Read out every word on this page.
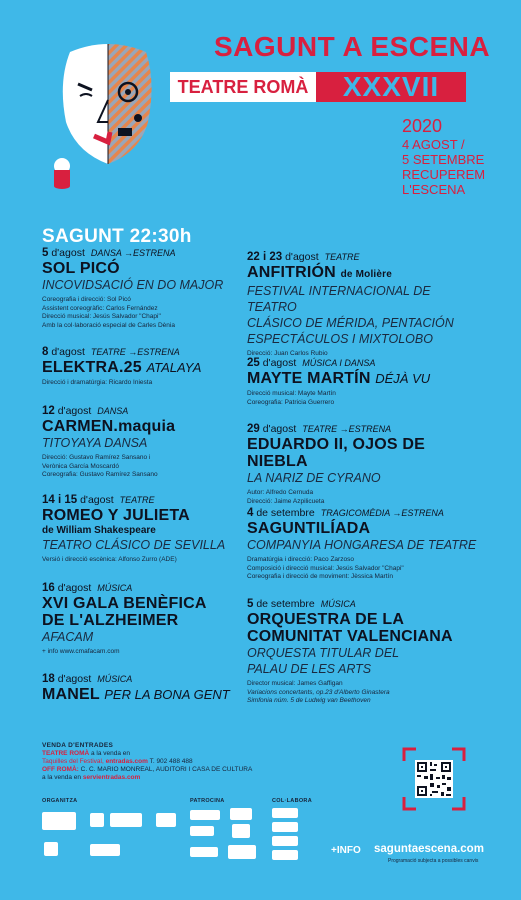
SAGUNT A ESCENA
TEATRE ROMÀ	XXXVII
2020
4 AGOST /
5 SETEMBRE
RECUPEREM
L'ESCENA
SAGUNT 22:30h
5 d'agost DANSA →ESTRENA
SOL PICÓ
INCOVIDSACIÓ EN DO MAJOR
Coreografia i direcció: Sol Picó
Assistent coreogràfic: Carlos Fernández
Direcció musical: Jesús Salvador "Chapi"
Amb la col·laboració especial de Carles Dènia
8 d'agost TEATRE →ESTRENA
ELEKTRA.25 ATALAYA
Direcció i dramatúrgia: Ricardo Iniesta
12 d'agost DANSA
CARMEN.maquia
TITOYAYA DANSA
Direcció: Gustavo Ramírez Sansano i
Verònica García Moscardó
Coreografia: Gustavo Ramírez Sansano
14 i 15 d'agost TEATRE
ROMEO Y JULIETA
de William Shakespeare
TEATRO CLÁSICO DE SEVILLA
Versió i direcció escènica: Alfonso Zurro (ADE)
16 d'agost MÚSICA
XVI GALA BENÈFICA
DE L'ALZHEIMER
AFACAM
+ info www.cmafacam.com
18 d'agost MÚSICA
MANEL PER LA BONA GENT
22 i 23 d'agost TEATRE
ANFITRIÓN de Molière
FESTIVAL INTERNACIONAL DE TEATRO
CLÁSICO DE MÉRIDA, PENTACIÓN
ESPECTÁCULOS I MIXTOLOBO
Direcció: Juan Carlos Rubio
25 d'agost MÚSICA I DANSA
MAYTE MARTÍN DÉJÀ VU
Direcció musical: Mayte Martín
Coreografia: Patricia Guerrero
29 d'agost TEATRE →ESTRENA
EDUARDO II, OJOS DE NIEBLA
LA NARIZ DE CYRANO
Autor: Alfredo Cernuda
Direcció: Jaime Azpilicueta
4 de setembre TRAGICOMÈDIA →ESTRENA
SAGUNTILÍADA
COMPANYIA HONGARESA DE TEATRE
Dramatúrgia i direcció: Paco Zarzoso
Composició i direcció musical: Jesús Salvador "Chapi"
Coreografia i direcció de moviment: Jèssica Martín
5 de setembre MÚSICA
ORQUESTRA DE LA
COMUNITAT VALENCIANA
ORQUESTA TITULAR DEL
PALAU DE LES ARTS
Director musical: James Gaffigan
Variacions concertants, op.23 d'Alberto Ginastera
Simfonia núm. 5 de Ludwig van Beethoven
VENDA D'ENTRADES
TEATRE ROMÀ a la venda en
Taquilles del Festival, entradas.com T. 902 488 488
OFF ROMÀ: C. C. MARIO MONREAL, AUDITORI I CASA DE CULTURA
a la venda en servientradas.com
ORGANITZA	PATROCINA	COL·LABORA
+INFO saguntaescena.com
Programació subjecta a possibles canvis
